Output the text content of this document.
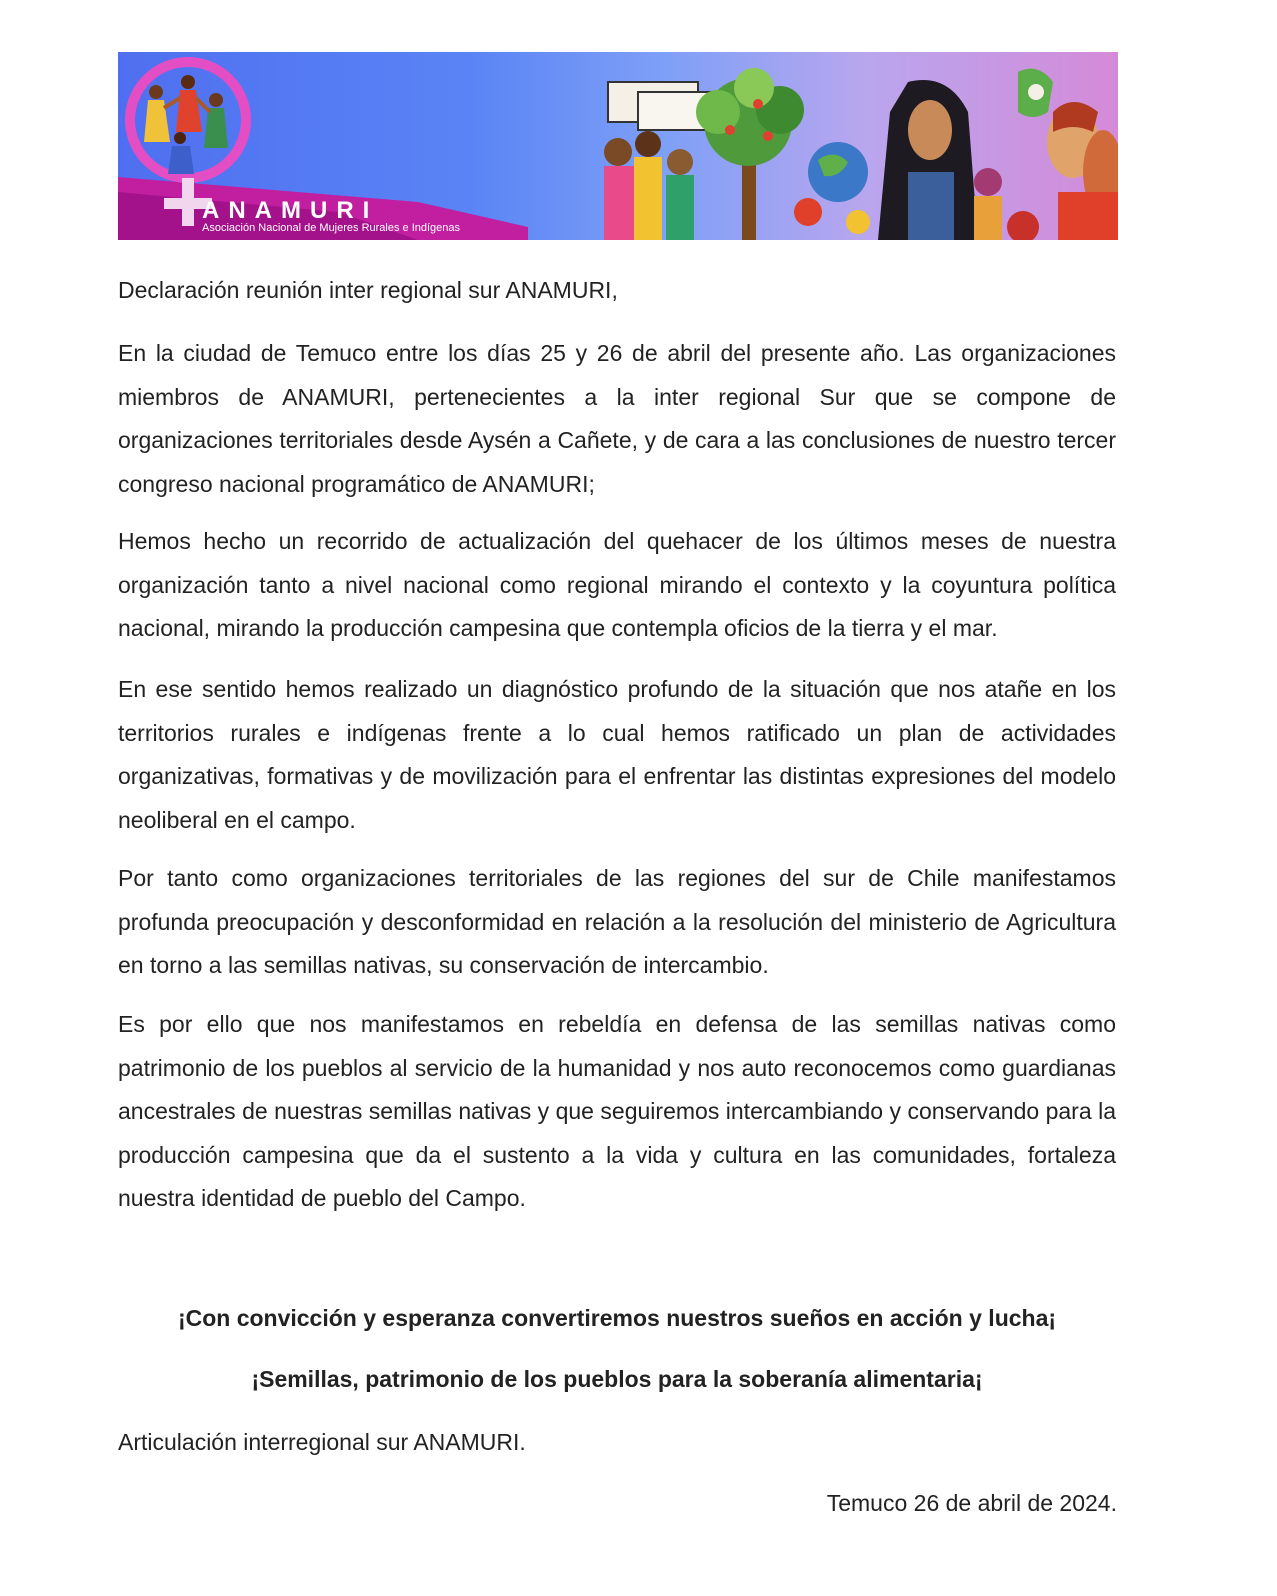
ANAMURI
Asociación Nacional de Mujeres Rurales e Indígenas

Declaración reunión inter regional sur ANAMURI,

En la ciudad de Temuco entre los días 25 y 26 de abril del presente año. Las organizaciones miembros de ANAMURI, pertenecientes a la inter regional Sur que se compone de organizaciones territoriales desde Aysén a Cañete, y de cara a las conclusiones de nuestro tercer congreso nacional programático de ANAMURI;

Hemos hecho un recorrido de actualización del quehacer de los últimos meses de nuestra organización tanto a nivel nacional como regional mirando el contexto y la coyuntura política nacional, mirando la producción campesina que contempla oficios de la tierra y el mar.

En ese sentido hemos realizado un diagnóstico profundo de la situación que nos atañe en los territorios rurales e indígenas frente a lo cual hemos ratificado un plan de actividades organizativas, formativas y de movilización para el enfrentar las distintas expresiones del modelo neoliberal en el campo.

Por tanto como organizaciones territoriales de las regiones del sur de Chile manifestamos profunda preocupación y desconformidad en relación a la resolución del ministerio de Agricultura en torno a las semillas nativas, su conservación de intercambio.

Es por ello que nos manifestamos en rebeldía en defensa de las semillas nativas como patrimonio de los pueblos al servicio de la humanidad y nos auto reconocemos como guardianas ancestrales de nuestras semillas nativas y que seguiremos intercambiando y conservando para la producción campesina que da el sustento a la vida y cultura en las comunidades, fortaleza nuestra identidad de pueblo del Campo.

¡Con convicción y esperanza convertiremos nuestros sueños en acción y lucha¡

¡Semillas, patrimonio de los pueblos para la soberanía alimentaria¡

Articulación interregional sur ANAMURI.

Temuco 26 de abril de 2024.
